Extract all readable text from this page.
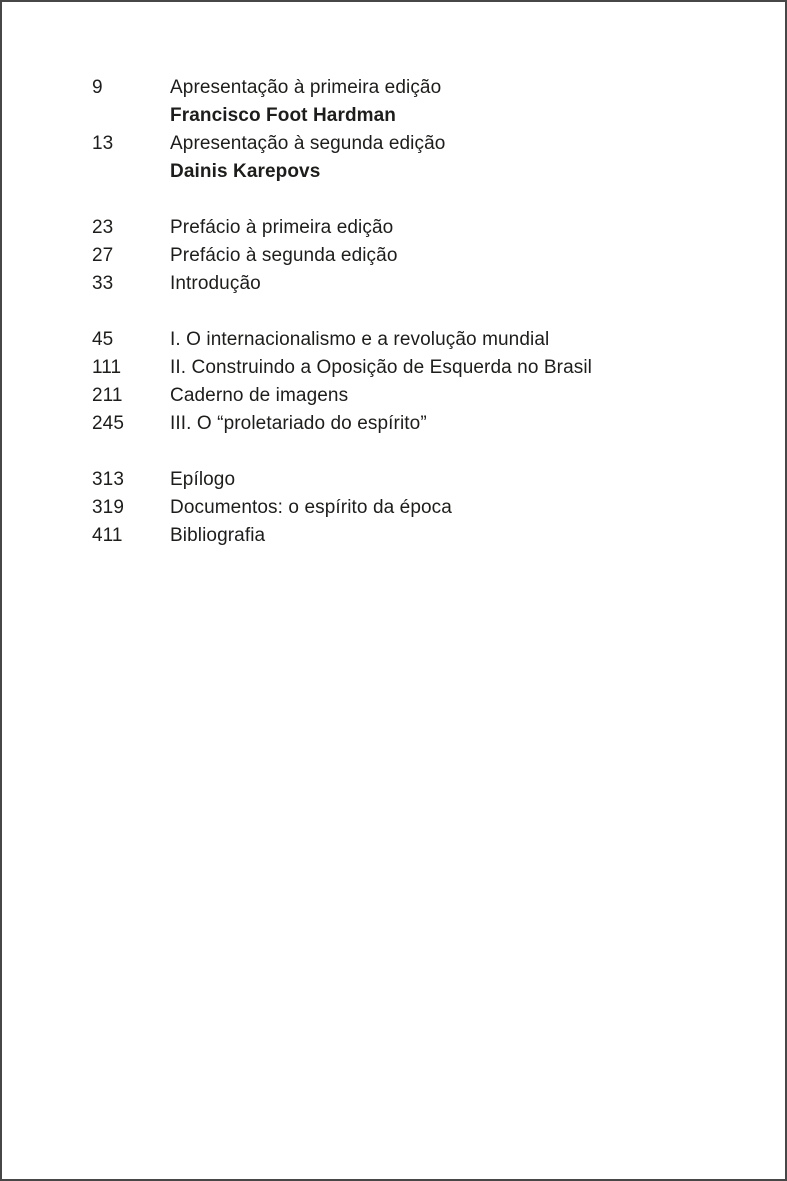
9	Apresentação à primeira edição
Francisco Foot Hardman
13	Apresentação à segunda edição
Dainis Karepovs
23	Prefácio à primeira edição
27	Prefácio à segunda edição
33	Introdução
45	I. O internacionalismo e a revolução mundial
111	II. Construindo a Oposição de Esquerda no Brasil
211	Caderno de imagens
245	III. O “proletariado do espírito”
313	Epílogo
319	Documentos: o espírito da época
411	Bibliografia
